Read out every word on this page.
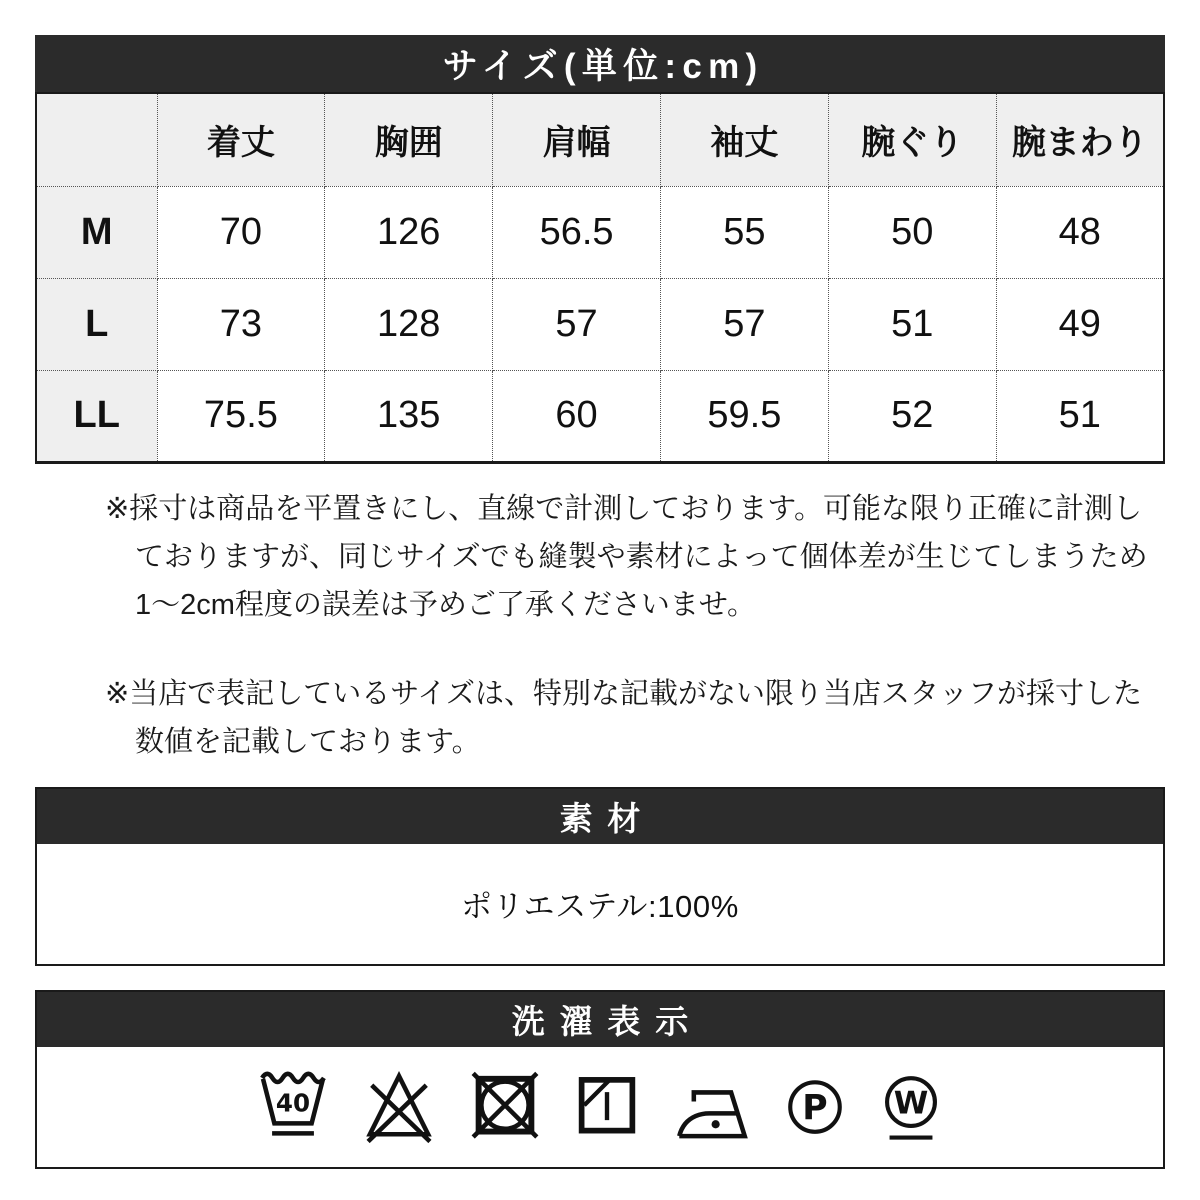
サイズ(単位:cm)
	着丈	胸囲	肩幅	袖丈	腕ぐり	腕まわり
M	70	126	56.5	55	50	48
L	73	128	57	57	51	49
LL	75.5	135	60	59.5	52	51
※採寸は商品を平置きにし、直線で計測しております。可能な限り正確に計測し
ておりますが、同じサイズでも縫製や素材によって個体差が生じてしまうため
1〜2cm程度の誤差は予めご了承くださいませ。
※当店で表記しているサイズは、特別な記載がない限り当店スタッフが採寸した
数値を記載しております。
素材
ポリエステル:100%
洗濯表示
40	P W
